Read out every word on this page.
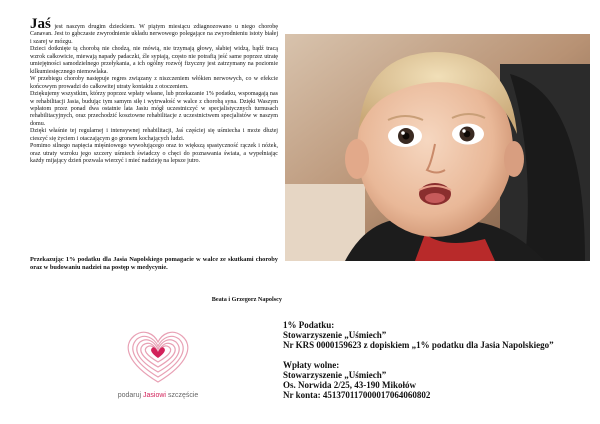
Jaś jest naszym drugim dzieckiem. W piątym miesiącu zdiagnozowano u niego chorobę Canavan. Jest to gąbczaste zwyrodnienie układu nerwowego polegające na zwyrodnieniu istoty białej i szarej w mózgu.

Dzieci dotknięte tą chorobą nie chodzą, nie mówią, nie trzymają głowy, słabiej widzą, bądź tracą wzrok całkowicie, miewają napady padaczki, źle sypiają, często nie potrafią jeść same poprzez utratę umiejętności samodzielnego przełykania, a ich ogólny rozwój fizyczny jest zatrzymany na poziomie kilkumiesięcznego niemowlaka.

W przebiegu choroby następuje regres związany z niszczeniem włókien nerwowych, co w efekcie końcowym prowadzi do całkowitej utraty kontaktu z otoczeniem.

Dziękujemy wszystkim, którzy poprzez wpłaty własne, lub przekazanie 1% podatku, wspomagają nas w rehabilitacji Jasia, budując tym samym siłę i wytrwałość w walce z chorobą syna. Dzięki Waszym wpłatom przez ponad dwa ostatnie lata Jasiu mógł uczestniczyć w specjalistycznych turnusach rehabilitacyjnych, oraz przechodzić kosztowne rehabilitacje z uczestnictwem specjalistów w naszym domu.

Dzięki właśnie tej regularnej i intensywnej rehabilitacji, Jaś częściej się uśmiecha i może dłużej cieszyć się życiem i otaczającym go gronem kochających ludzi.

Pomimo silnego napięcia mięśniowego wywołującego oraz to większą spastyczność rączek i nóżek, oraz utraty wzroku jego szczery uśmiech świadczy o chęci do poznawania świata, a wypełniając każdy mijający dzień pozwala wierzyć i mieć nadzieję na lepsze jutro.

Przekazując 1% podatku dla Jasia Napolskiego pomagacie w walce ze skutkami choroby oraz w budowaniu nadziei na postęp w medycynie.
Beata i Grzegorz Napolscy
podaruj Jasiowi szczęście
1% Podatku:
Stowarzyszenie „Uśmiech”
Nr KRS 0000159623 z dopiskiem „1% podatku dla Jasia Napolskiego”
Wpłaty wolne:
Stowarzyszenie „Uśmiech”
Os. Norwida 2/25, 43-190 Mikołów
Nr konta: 45137011700001706406080​2
